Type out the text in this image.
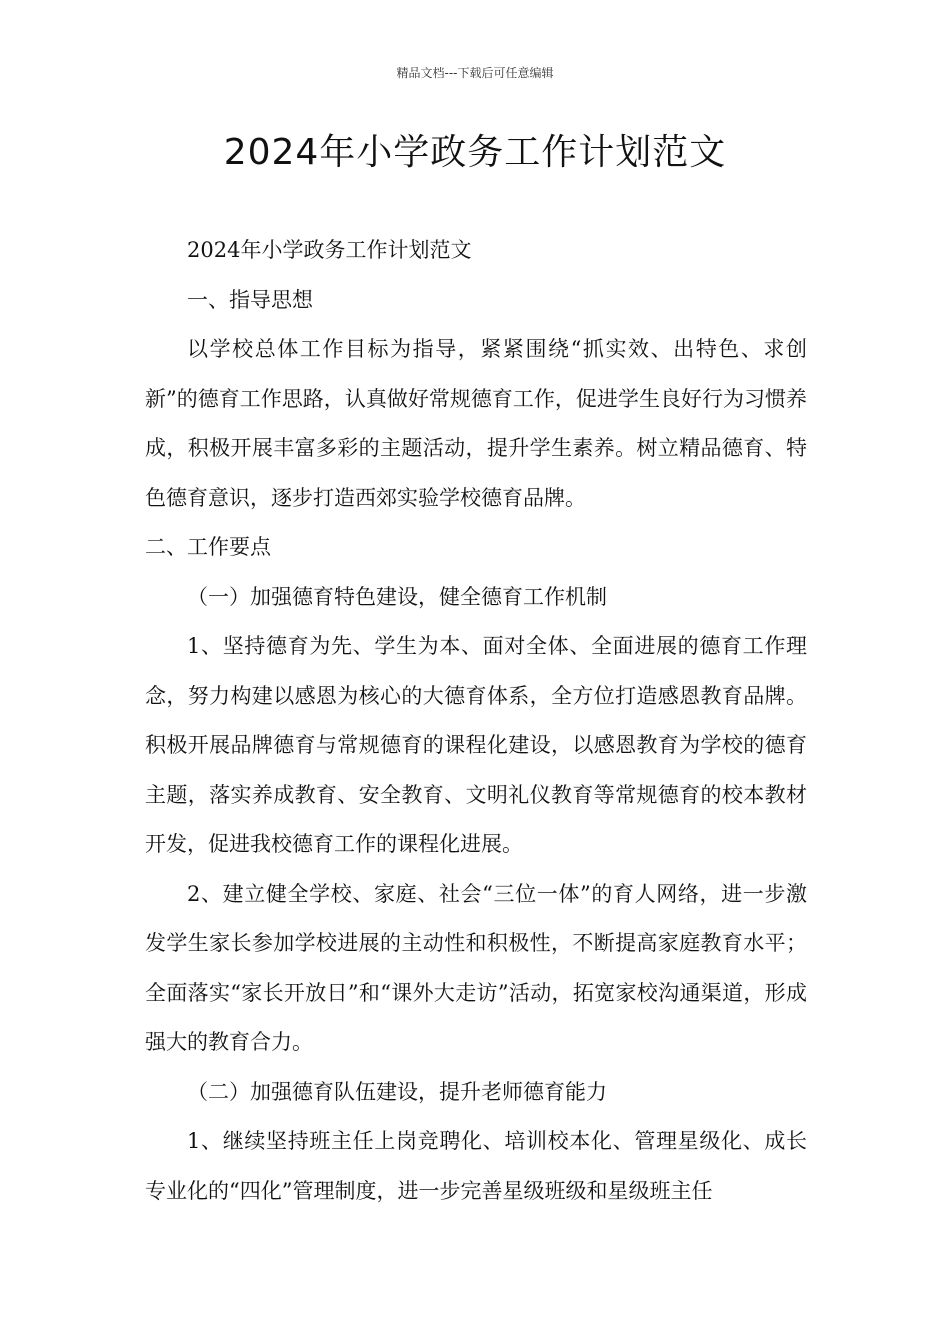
精品文档---下载后可任意编辑
2024年小学政务工作计划范文

2024年小学政务工作计划范文

一、指导思想

以学校总体工作目标为指导，紧紧围绕“抓实效、出特色、求创新”的德育工作思路，认真做好常规德育工作，促进学生良好行为习惯养成，积极开展丰富多彩的主题活动，提升学生素养。树立精品德育、特色德育意识，逐步打造西郊实验学校德育品牌。

二、工作要点

（一）加强德育特色建设，健全德育工作机制

1、坚持德育为先、学生为本、面对全体、全面进展的德育工作理念，努力构建以感恩为核心的大德育体系，全方位打造感恩教育品牌。积极开展品牌德育与常规德育的课程化建设，以感恩教育为学校的德育主题，落实养成教育、安全教育、文明礼仪教育等常规德育的校本教材开发，促进我校德育工作的课程化进展。

2、建立健全学校、家庭、社会“三位一体”的育人网络，进一步激发学生家长参加学校进展的主动性和积极性，不断提高家庭教育水平；全面落实“家长开放日”和“课外大走访”活动，拓宽家校沟通渠道，形成强大的教育合力。

（二）加强德育队伍建设，提升老师德育能力

1、继续坚持班主任上岗竞聘化、培训校本化、管理星级化、成长专业化的“四化”管理制度，进一步完善星级班级和星级班主任
